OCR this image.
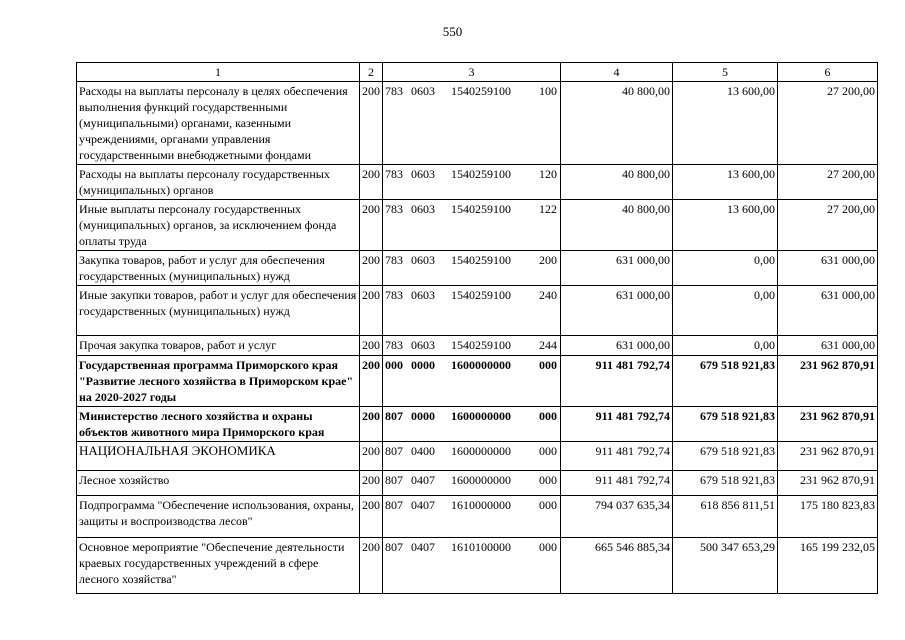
550
1	2	3	4	5	6
Расходы на выплаты персоналу в целях обеспечения выполнения функций государственными (муниципальными) органами, казенными учреждениями, органами управления государственными внебюджетными фондами	200	783 0603 1540259100 100	40 800,00	13 600,00	27 200,00
Расходы на выплаты персоналу государственных (муниципальных) органов	200	783 0603 1540259100 120	40 800,00	13 600,00	27 200,00
Иные выплаты персоналу государственных (муниципальных) органов, за исключением фонда оплаты труда	200	783 0603 1540259100 122	40 800,00	13 600,00	27 200,00
Закупка товаров, работ и услуг для обеспечения государственных (муниципальных) нужд	200	783 0603 1540259100 200	631 000,00	0,00	631 000,00
Иные закупки товаров, работ и услуг для обеспечения государственных (муниципальных) нужд	200	783 0603 1540259100 240	631 000,00	0,00	631 000,00
Прочая закупка товаров, работ и услуг	200	783 0603 1540259100 244	631 000,00	0,00	631 000,00
Государственная программа Приморского края "Развитие лесного хозяйства в Приморском крае" на 2020-2027 годы	200	000 0000 1600000000 000	911 481 792,74	679 518 921,83	231 962 870,91
Министерство лесного хозяйства и охраны объектов животного мира Приморского края	200	807 0000 1600000000 000	911 481 792,74	679 518 921,83	231 962 870,91
НАЦИОНАЛЬНАЯ ЭКОНОМИКА	200	807 0400 1600000000 000	911 481 792,74	679 518 921,83	231 962 870,91
Лесное хозяйство	200	807 0407 1600000000 000	911 481 792,74	679 518 921,83	231 962 870,91
Подпрограмма "Обеспечение использования, охраны, защиты и воспроизводства лесов"	200	807 0407 1610000000 000	794 037 635,34	618 856 811,51	175 180 823,83
Основное мероприятие "Обеспечение деятельности краевых государственных учреждений в сфере лесного хозяйства"	200	807 0407 1610100000 000	665 546 885,34	500 347 653,29	165 199 232,05
